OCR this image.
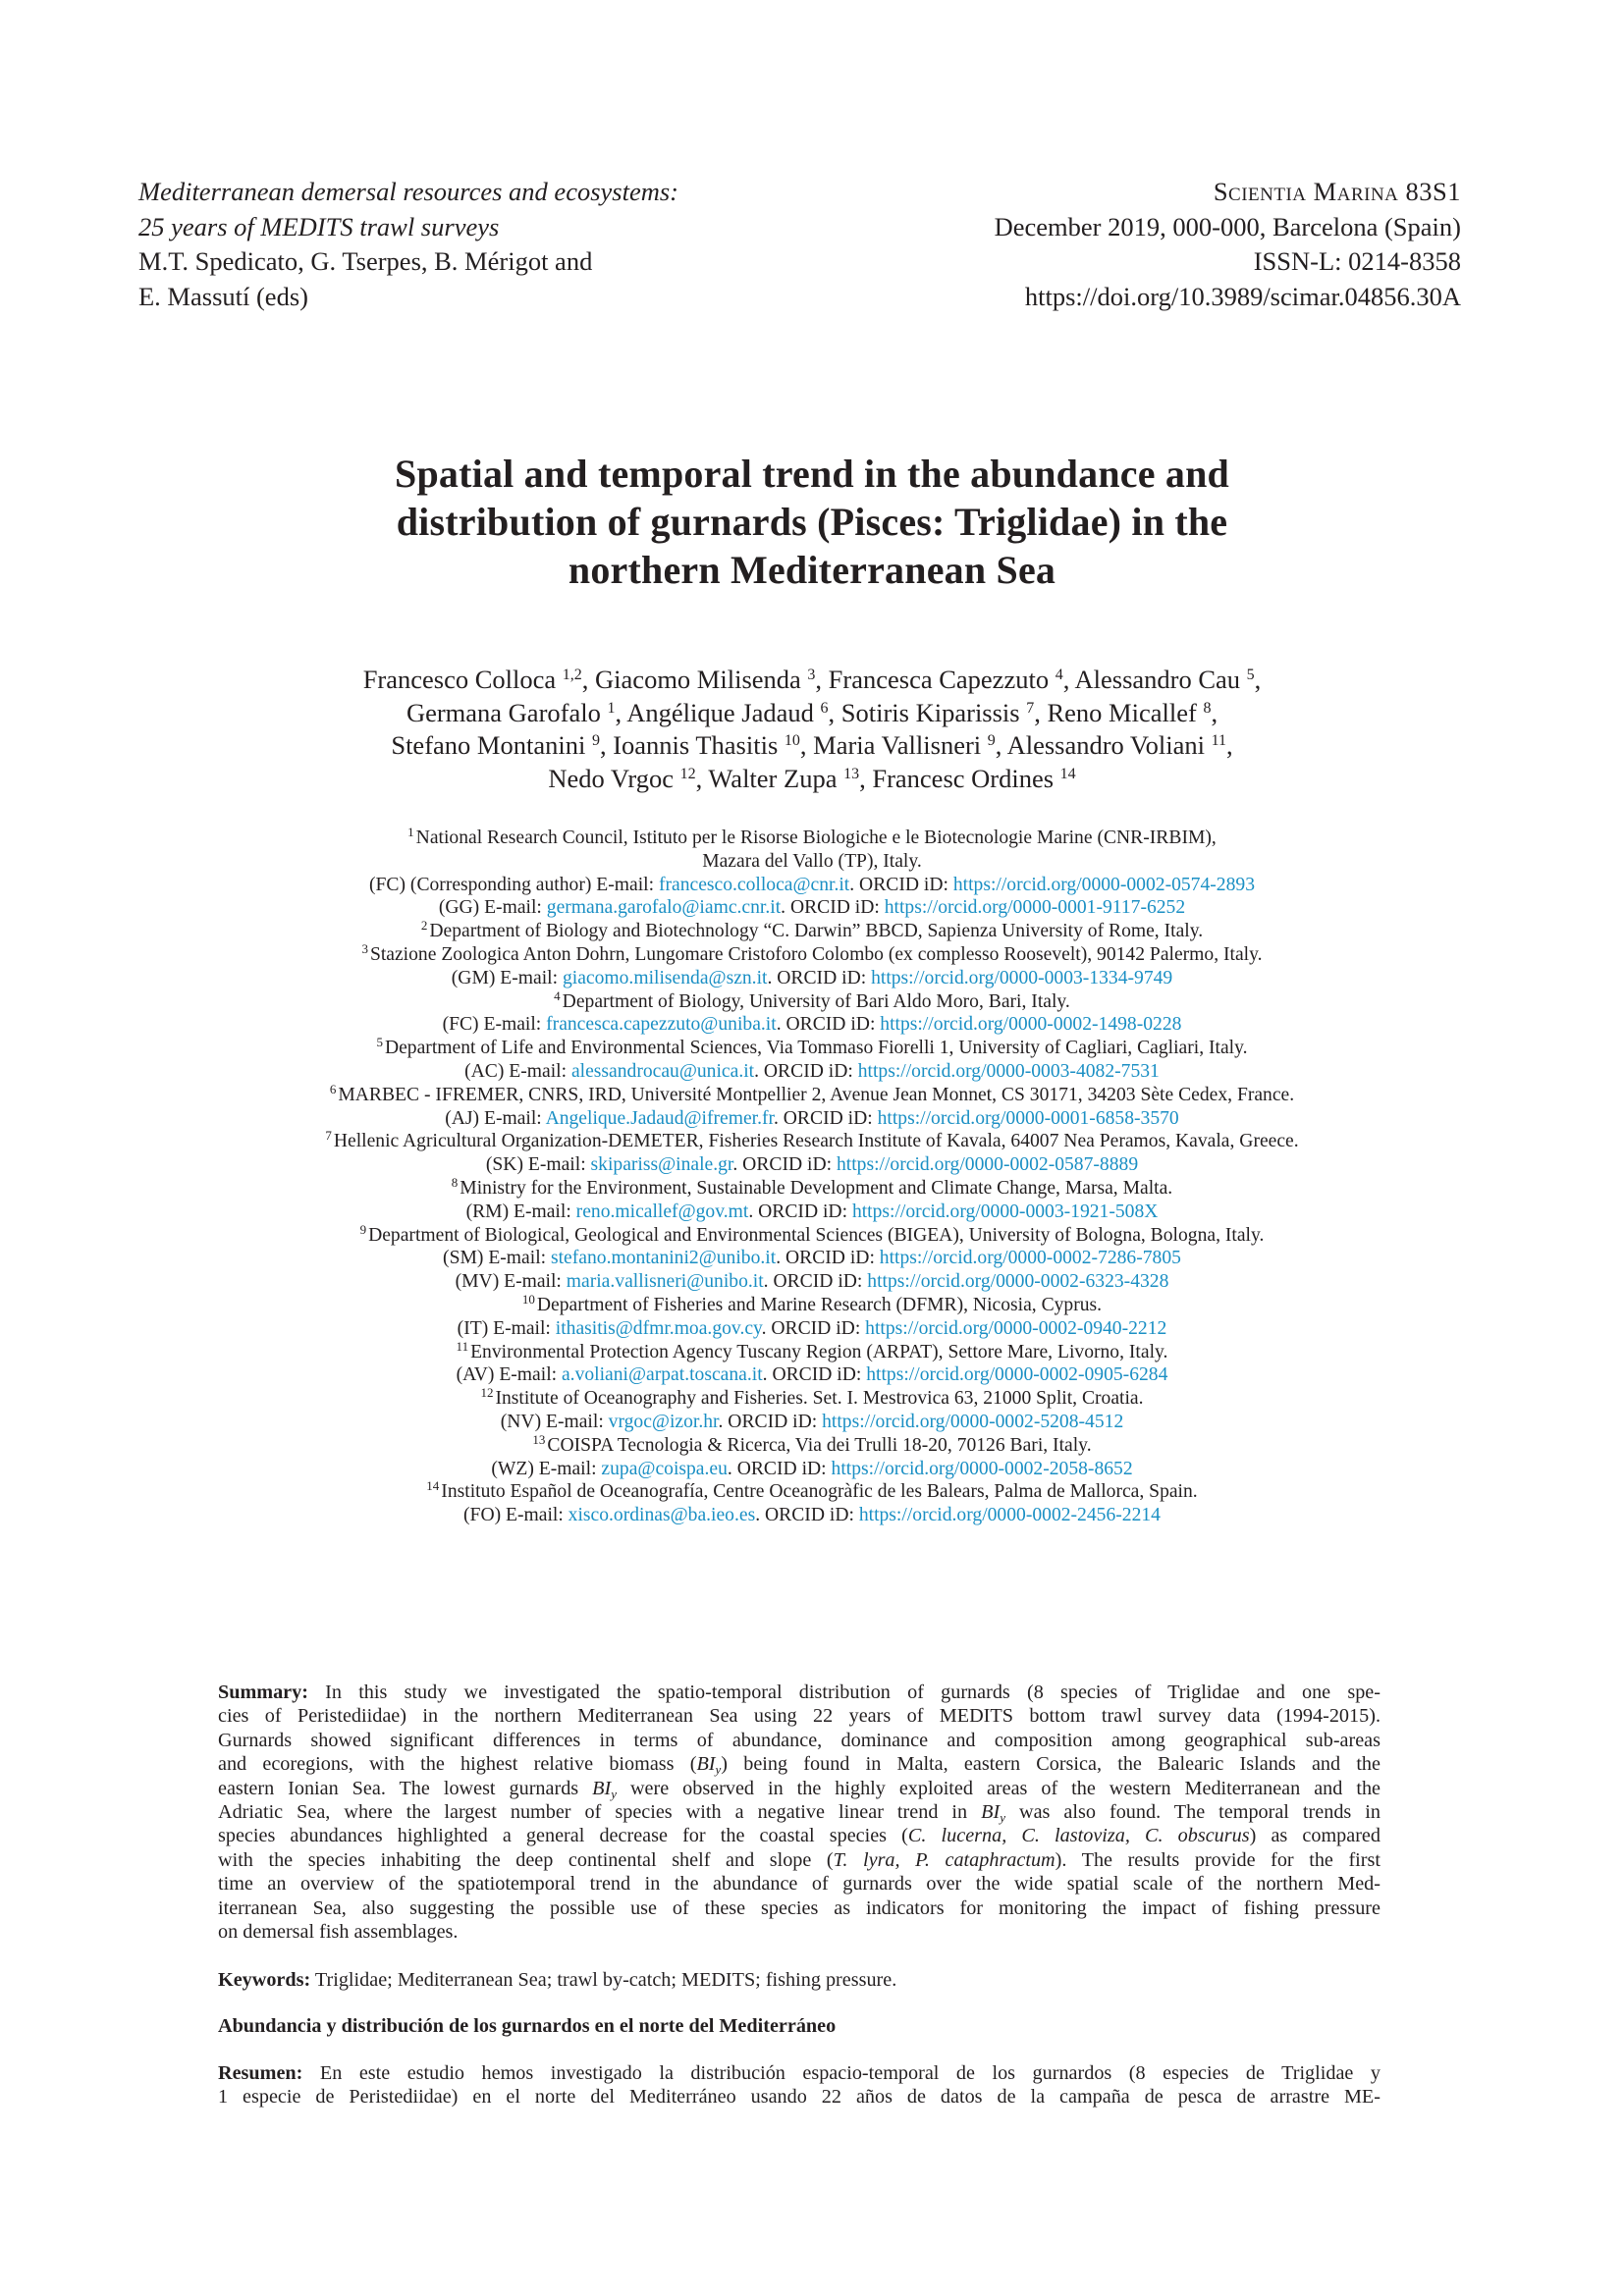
Mediterranean demersal resources and ecosystems:
25 years of MEDITS trawl surveys
M.T. Spedicato, G. Tserpes, B. Mérigot and
E. Massutí (eds)
Scientia Marina 83S1
December 2019, 000-000, Barcelona (Spain)
ISSN-L: 0214-8358
https://doi.org/10.3989/scimar.04856.30A
Spatial and temporal trend in the abundance and
distribution of gurnards (Pisces: Triglidae) in the
northern Mediterranean Sea
Francesco Colloca $^{1,2}$, Giacomo Milisenda $^3$, Francesca Capezzuto $^4$, Alessandro Cau $^5$,
Germana Garofalo $^1$, Angélique Jadaud $^6$, Sotiris Kiparissis $^7$, Reno Micallef $^8$,
Stefano Montanini $^9$, Ioannis Thasitis $^{10}$, Maria Vallisneri $^9$, Alessandro Voliani $^{11}$,
Nedo Vrgoc $^{12}$, Walter Zupa $^{13}$, Francesc Ordines $^{14}$
$^1$ National Research Council, Istituto per le Risorse Biologiche e le Biotecnologie Marine (CNR-IRBIM),
Mazara del Vallo (TP), Italy.
(FC) (Corresponding author) E-mail: francesco.colloca@cnr.it. ORCID iD: https://orcid.org/0000-0002-0574-2893
(GG) E-mail: germana.garofalo@iamc.cnr.it. ORCID iD: https://orcid.org/0000-0001-9117-6252
$^2$ Department of Biology and Biotechnology “C. Darwin” BBCD, Sapienza University of Rome, Italy.
$^3$ Stazione Zoologica Anton Dohrn, Lungomare Cristoforo Colombo (ex complesso Roosevelt), 90142 Palermo, Italy.
(GM) E-mail: giacomo.milisenda@szn.it. ORCID iD: https://orcid.org/0000-0003-1334-9749
$^4$ Department of Biology, University of Bari Aldo Moro, Bari, Italy.
(FC) E-mail: francesca.capezzuto@uniba.it. ORCID iD: https://orcid.org/0000-0002-1498-0228
$^5$ Department of Life and Environmental Sciences, Via Tommaso Fiorelli 1, University of Cagliari, Cagliari, Italy.
(AC) E-mail: alessandrocau@unica.it. ORCID iD: https://orcid.org/0000-0003-4082-7531
$^6$ MARBEC - IFREMER, CNRS, IRD, Université Montpellier 2, Avenue Jean Monnet, CS 30171, 34203 Sète Cedex, France.
(AJ) E-mail: Angelique.Jadaud@ifremer.fr. ORCID iD: https://orcid.org/0000-0001-6858-3570
$^7$ Hellenic Agricultural Organization-DEMETER, Fisheries Research Institute of Kavala, 64007 Nea Peramos, Kavala, Greece.
(SK) E-mail: skipariss@inale.gr. ORCID iD: https://orcid.org/0000-0002-0587-8889
$^8$ Ministry for the Environment, Sustainable Development and Climate Change, Marsa, Malta.
(RM) E-mail: reno.micallef@gov.mt. ORCID iD: https://orcid.org/0000-0003-1921-508X
$^9$ Department of Biological, Geological and Environmental Sciences (BIGEA), University of Bologna, Bologna, Italy.
(SM) E-mail: stefano.montanini2@unibo.it. ORCID iD: https://orcid.org/0000-0002-7286-7805
(MV) E-mail: maria.vallisneri@unibo.it. ORCID iD: https://orcid.org/0000-0002-6323-4328
$^{10}$ Department of Fisheries and Marine Research (DFMR), Nicosia, Cyprus.
(IT) E-mail: ithasitis@dfmr.moa.gov.cy. ORCID iD: https://orcid.org/0000-0002-0940-2212
$^{11}$ Environmental Protection Agency Tuscany Region (ARPAT), Settore Mare, Livorno, Italy.
(AV) E-mail: a.voliani@arpat.toscana.it. ORCID iD: https://orcid.org/0000-0002-0905-6284
$^{12}$ Institute of Oceanography and Fisheries. Set. I. Mestrovica 63, 21000 Split, Croatia.
(NV) E-mail: vrgoc@izor.hr. ORCID iD: https://orcid.org/0000-0002-5208-4512
$^{13}$ COISPA Tecnologia & Ricerca, Via dei Trulli 18-20, 70126 Bari, Italy.
(WZ) E-mail: zupa@coispa.eu. ORCID iD: https://orcid.org/0000-0002-2058-8652
$^{14}$ Instituto Español de Oceanografía, Centre Oceanogràfic de les Balears, Palma de Mallorca, Spain.
(FO) E-mail: xisco.ordinas@ba.ieo.es. ORCID iD: https://orcid.org/0000-0002-2456-2214
Summary: In this study we investigated the spatio-temporal distribution of gurnards (8 species of Triglidae and one spe-
cies of Peristediidae) in the northern Mediterranean Sea using 22 years of MEDITS bottom trawl survey data (1994-2015).
Gurnards showed significant differences in terms of abundance, dominance and composition among geographical sub-areas
and ecoregions, with the highest relative biomass $(BI_y)$ being found in Malta, eastern Corsica, the Balearic Islands and the
eastern Ionian Sea. The lowest gurnards $BI_y$ were observed in the highly exploited areas of the western Mediterranean and the
Adriatic Sea, where the largest number of species with a negative linear trend in $BI_y$ was also found. The temporal trends in
species abundances highlighted a general decrease for the coastal species (C. lucerna, C. lastoviza, C. obscurus) as compared
with the species inhabiting the deep continental shelf and slope (T. lyra, P. cataphractum). The results provide for the first
time an overview of the spatiotemporal trend in the abundance of gurnards over the wide spatial scale of the northern Med-
iterranean Sea, also suggesting the possible use of these species as indicators for monitoring the impact of fishing pressure
on demersal fish assemblages.
Keywords: Triglidae; Mediterranean Sea; trawl by-catch; MEDITS; fishing pressure.
Abundancia y distribución de los gurnardos en el norte del Mediterráneo
Resumen: En este estudio hemos investigado la distribución espacio-temporal de los gurnardos (8 especies de Triglidae y
1 especie de Peristediidae) en el norte del Mediterráneo usando 22 años de datos de la campaña de pesca de arrastre ME-
